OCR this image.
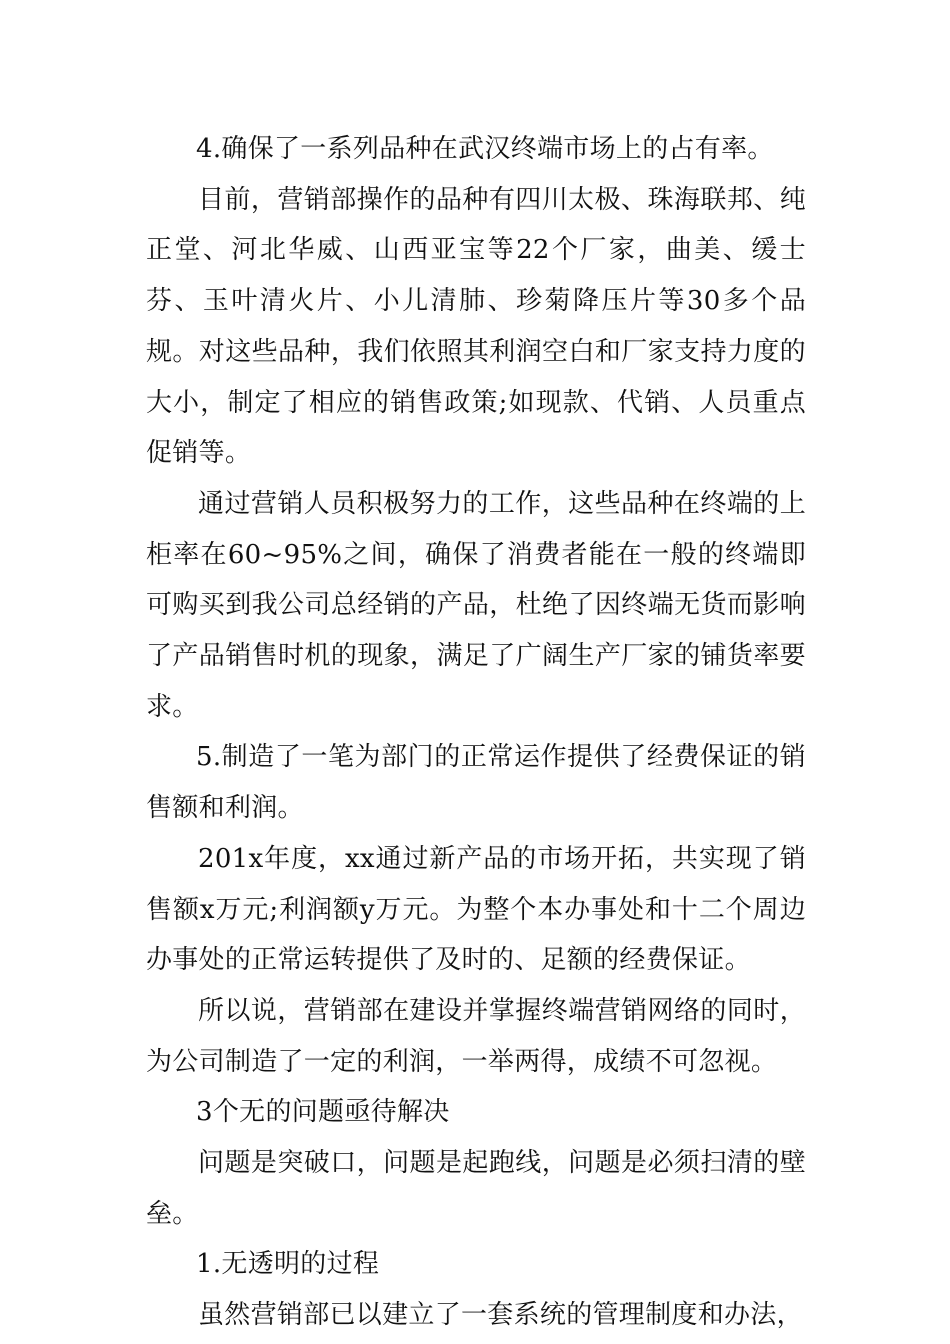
4.确保了一系列品种在武汉终端市场上的占有率。

目前，营销部操作的品种有四川太极、珠海联邦、纯正堂、河北华威、山西亚宝等22个厂家，曲美、缓士芬、玉叶清火片、小儿清肺、珍菊降压片等30多个品规。对这些品种，我们依照其利润空白和厂家支持力度的大小，制定了相应的销售政策;如现款、代销、人员重点促销等。

通过营销人员积极努力的工作，这些品种在终端的上柜率在60~95%之间，确保了消费者能在一般的终端即可购买到我公司总经销的产品，杜绝了因终端无货而影响了产品销售时机的现象，满足了广阔生产厂家的铺货率要求。

5.制造了一笔为部门的正常运作提供了经费保证的销售额和利润。

201x年度，xx通过新产品的市场开拓，共实现了销售额x万元;利润额y万元。为整个本办事处和十二个周边办事处的正常运转提供了及时的、足额的经费保证。

所以说，营销部在建设并掌握终端营销网络的同时，为公司制造了一定的利润，一举两得，成绩不可忽视。

3个无的问题亟待解决

问题是突破口，问题是起跑线，问题是必须扫清的壁垒。

1.无透明的过程

虽然营销部已以建立了一套系统的管理制度和办法，
